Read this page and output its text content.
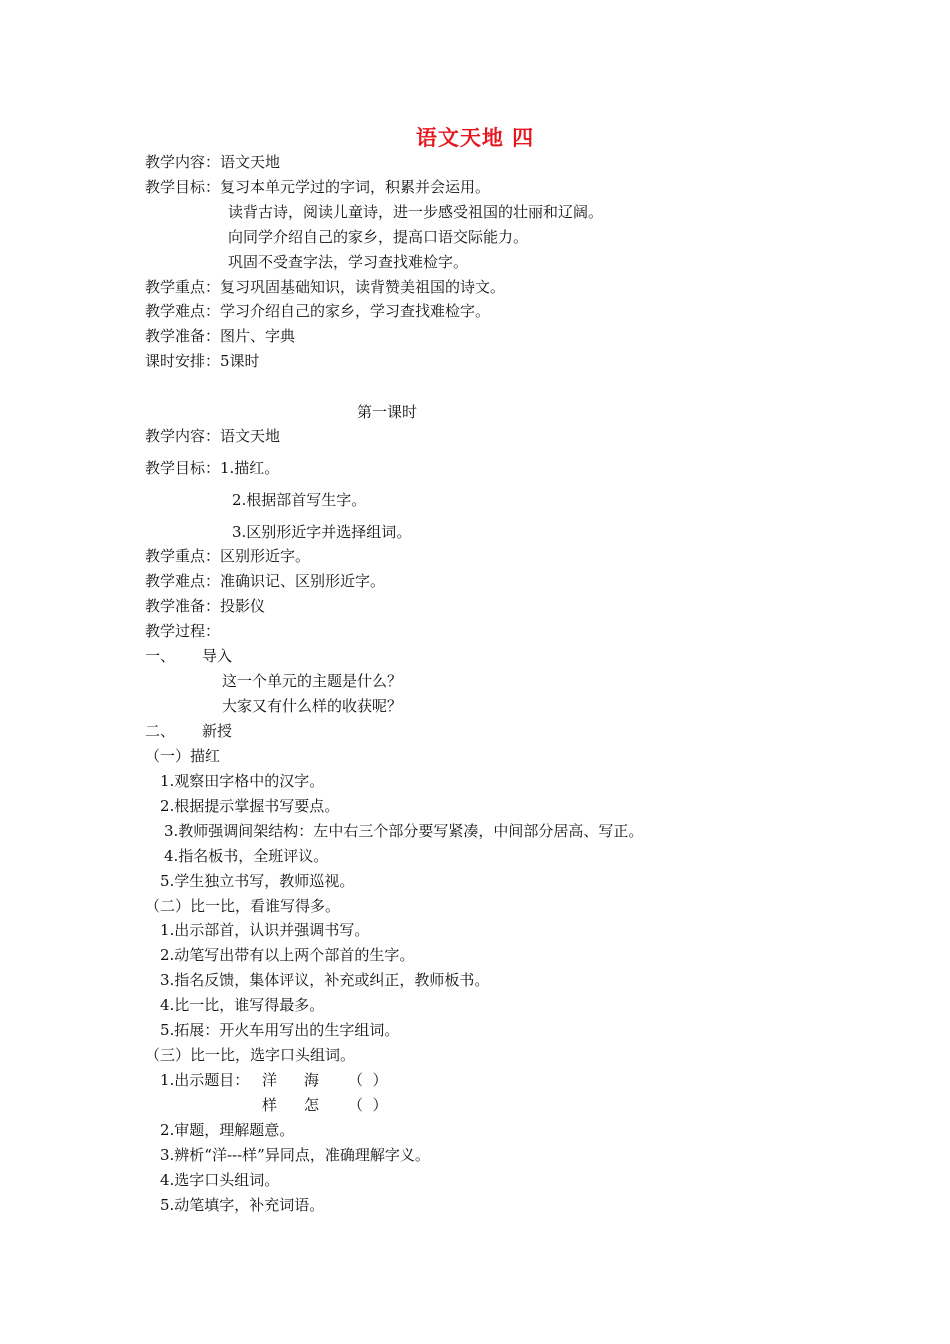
语文天地 四
教学内容：语文天地
教学目标：复习本单元学过的字词，积累并会运用。
读背古诗，阅读儿童诗，进一步感受祖国的壮丽和辽阔。
向同学介绍自己的家乡，提高口语交际能力。
巩固不受查字法，学习查找难检字。
教学重点：复习巩固基础知识，读背赞美祖国的诗文。
教学难点：学习介绍自己的家乡，学习查找难检字。
教学准备：图片、字典
课时安排：5课时
第一课时
教学内容：语文天地
教学目标：1.描红。
2.根据部首写生字。
3.区别形近字并选择组词。
教学重点：区别形近字。
教学难点：准确识记、区别形近字。
教学准备：投影仪
教学过程：
一、 导入
这一个单元的主题是什么？
大家又有什么样的收获呢？
二、 新授
（一）描红
1.观察田字格中的汉字。
2.根据提示掌握书写要点。
3.教师强调间架结构：左中右三个部分要写紧凑，中间部分居高、写正。
4.指名板书，全班评议。
5.学生独立书写，教师巡视。
（二）比一比，看谁写得多。
1.出示部首，认识并强调书写。
2.动笔写出带有以上两个部首的生字。
3.指名反馈，集体评议，补充或纠正，教师板书。
4.比一比，谁写得最多。
5.拓展：开火车用写出的生字组词。
（三）比一比，选字口头组词。
1.出示题目： 洋 海 （  ）
样 怎 （  ）
2.审题，理解题意。
3.辨析“洋---样”异同点，准确理解字义。
4.选字口头组词。
5.动笔填字，补充词语。
